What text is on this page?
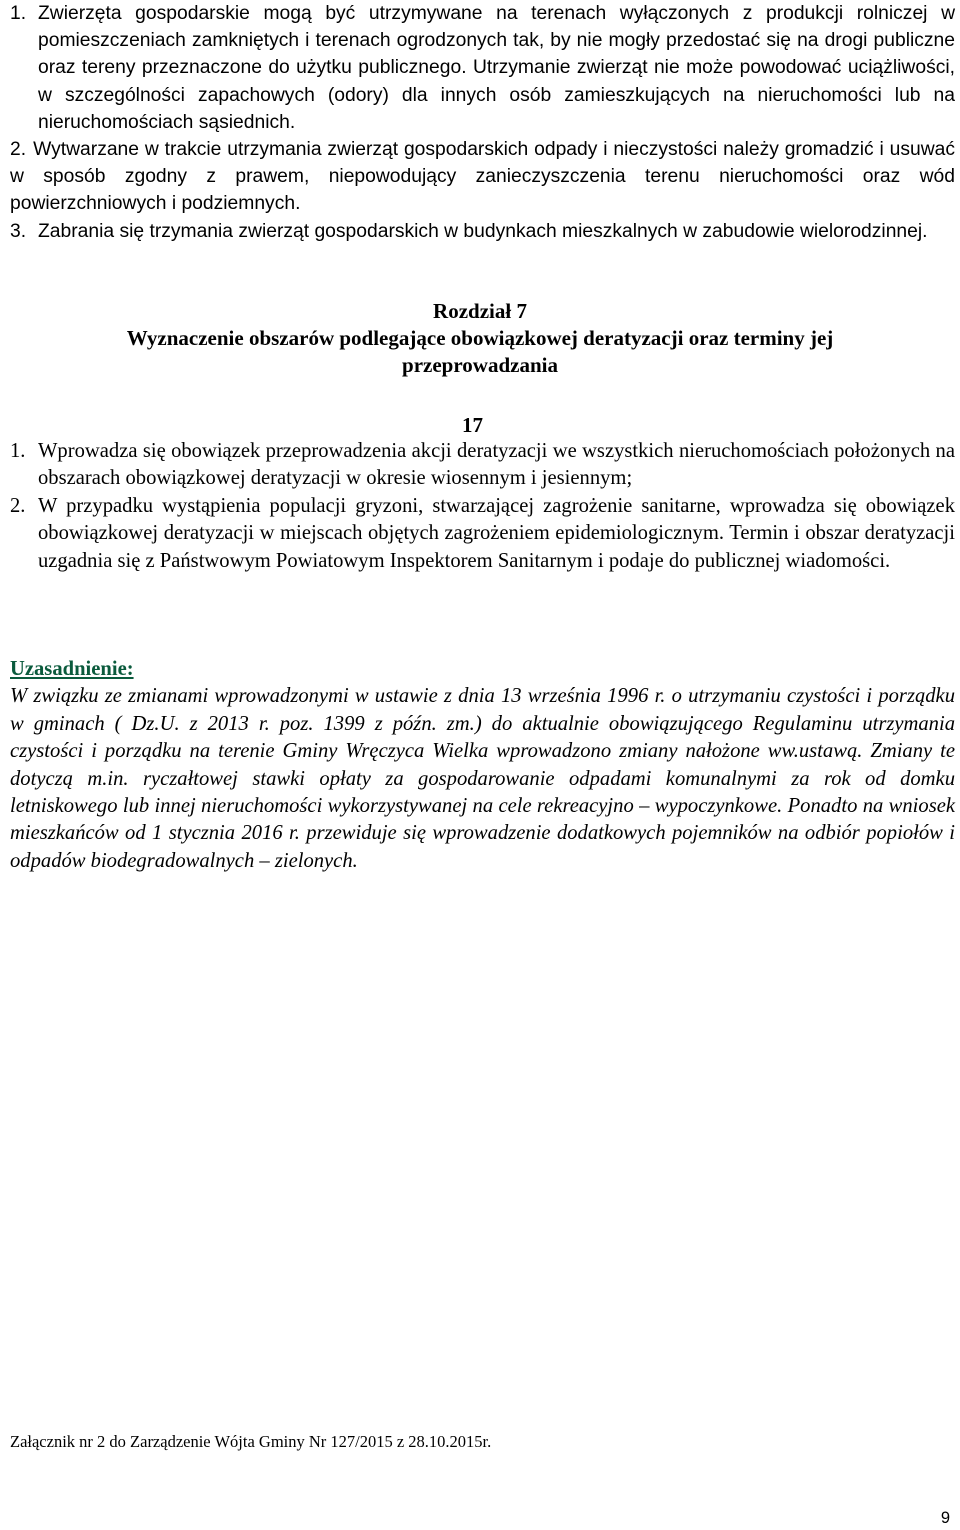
1. Zwierzęta gospodarskie mogą być utrzymywane na terenach wyłączonych z produkcji rolniczej w pomieszczeniach zamkniętych i terenach ogrodzonych tak, by nie mogły przedostać się na drogi publiczne oraz tereny przeznaczone do użytku publicznego. Utrzymanie zwierząt nie może powodować uciążliwości, w szczególności zapachowych (odory) dla innych osób zamieszkujących na nieruchomości lub na nieruchomościach sąsiednich.
2. Wytwarzane w trakcie utrzymania zwierząt gospodarskich odpady i nieczystości należy gromadzić i usuwać w sposób zgodny z prawem, niepowodujący zanieczyszczenia terenu nieruchomości oraz wód powierzchniowych i podziemnych.
3. Zabrania się trzymania zwierząt gospodarskich w budynkach mieszkalnych w zabudowie wielorodzinnej.
Rozdział 7
Wyznaczenie obszarów podlegające obowiązkowej deratyzacji oraz terminy jej przeprowadzania
17
1. Wprowadza się obowiązek przeprowadzenia akcji deratyzacji we wszystkich nieruchomościach położonych na obszarach obowiązkowej deratyzacji w okresie wiosennym i jesiennym;
2. W przypadku wystąpienia populacji gryzoni, stwarzającej zagrożenie sanitarne, wprowadza się obowiązek obowiązkowej deratyzacji w miejscach objętych zagrożeniem epidemiologicznym. Termin i obszar deratyzacji uzgadnia się z Państwowym Powiatowym Inspektorem Sanitarnym i podaje do publicznej wiadomości.
Uzasadnienie:
W związku ze zmianami wprowadzonymi w ustawie z dnia 13 września 1996 r. o utrzymaniu czystości i porządku w gminach ( Dz.U. z 2013 r. poz. 1399 z późn. zm.) do aktualnie obowiązującego Regulaminu utrzymania czystości i porządku na terenie Gminy Wręczyca Wielka wprowadzono zmiany nałożone ww.ustawą. Zmiany te dotyczą m.in. ryczałtowej stawki opłaty za gospodarowanie odpadami komunalnymi za rok od domku letniskowego lub innej nieruchomości wykorzystywanej na cele rekreacyjno – wypoczynkowe. Ponadto na wniosek mieszkańców od 1 stycznia 2016 r. przewiduje się wprowadzenie dodatkowych pojemników na odbiór popiołów i odpadów biodegradowalnych – zielonych.
Załącznik nr 2 do Zarządzenie Wójta Gminy Nr 127/2015 z 28.10.2015r.
9
